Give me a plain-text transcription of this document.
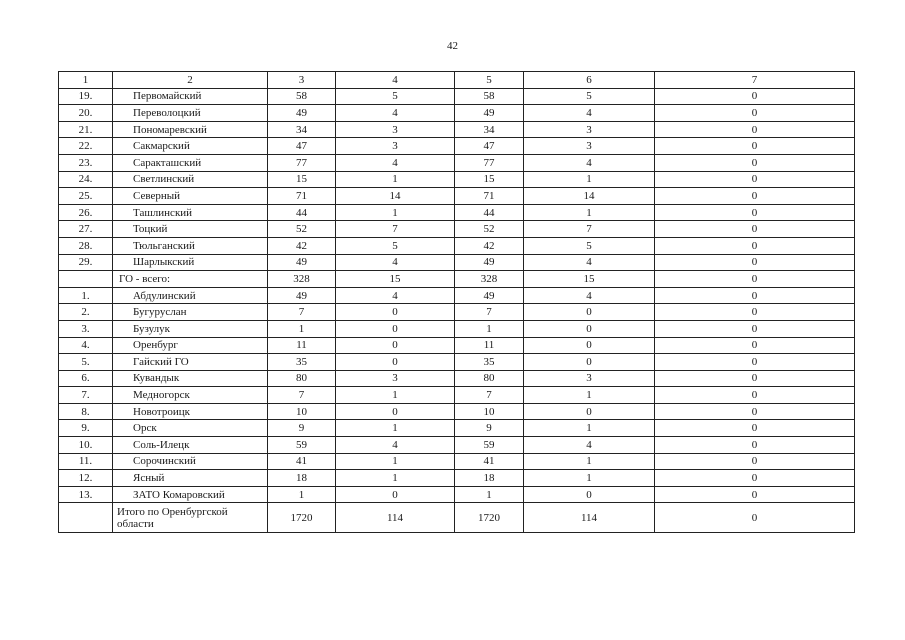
42
1	2	3	4	5	6	7
19.	Первомайский	58	5	58	5	0
20.	Переволоцкий	49	4	49	4	0
21.	Пономаревский	34	3	34	3	0
22.	Сакмарский	47	3	47	3	0
23.	Саракташский	77	4	77	4	0
24.	Светлинский	15	1	15	1	0
25.	Северный	71	14	71	14	0
26.	Ташлинский	44	1	44	1	0
27.	Тоцкий	52	7	52	7	0
28.	Тюльганский	42	5	42	5	0
29.	Шарлыкский	49	4	49	4	0
	ГО - всего:	328	15	328	15	0
1.	Абдулинский	49	4	49	4	0
2.	Бугуруслан	7	0	7	0	0
3.	Бузулук	1	0	1	0	0
4.	Оренбург	11	0	11	0	0
5.	Гайский ГО	35	0	35	0	0
6.	Кувандык	80	3	80	3	0
7.	Медногорск	7	1	7	1	0
8.	Новотроицк	10	0	10	0	0
9.	Орск	9	1	9	1	0
10.	Соль-Илецк	59	4	59	4	0
11.	Сорочинский	41	1	41	1	0
12.	Ясный	18	1	18	1	0
13.	ЗАТО Комаровский	1	0	1	0	0
	Итого по Оренбургской области	1720	114	1720	114	0
